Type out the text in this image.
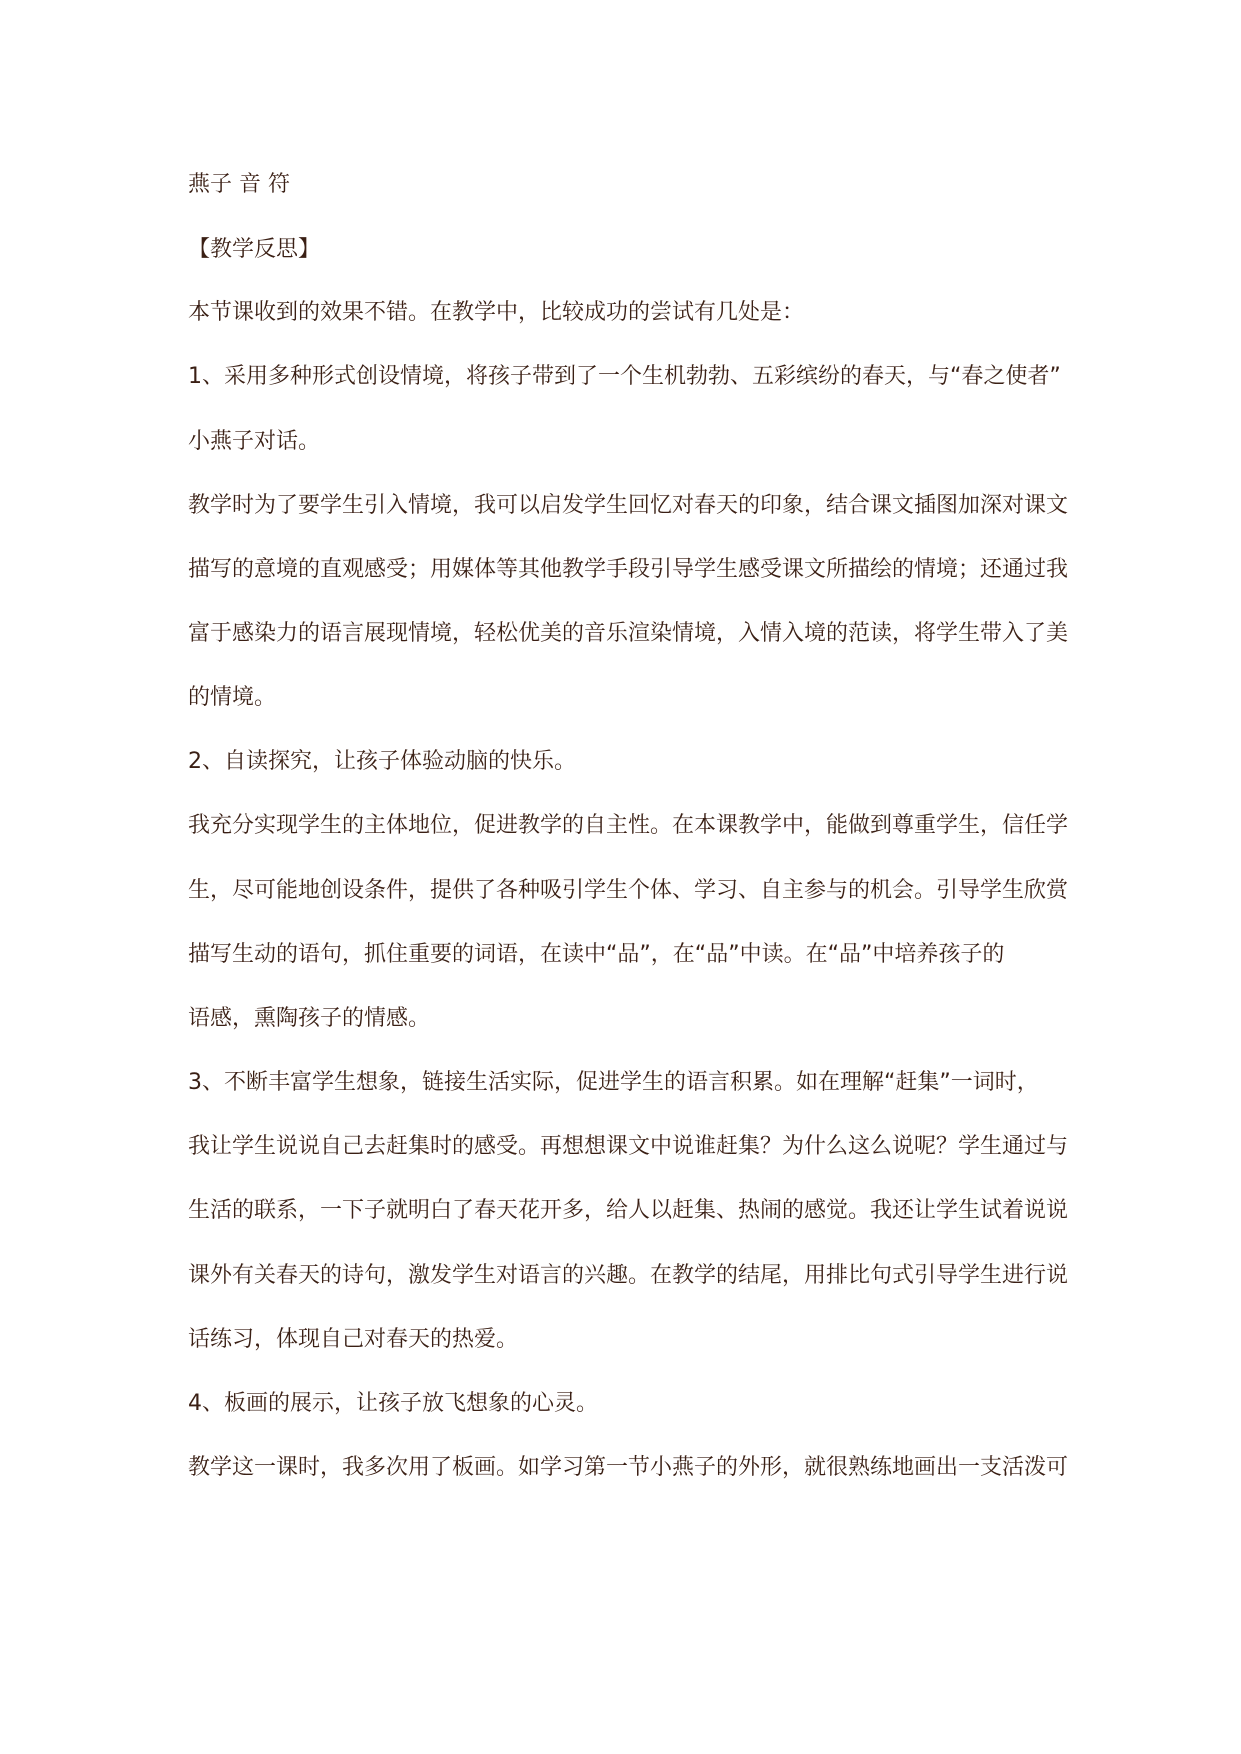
燕子 音 符
【教学反思】
本节课收到的效果不错。在教学中，比较成功的尝试有几处是：
1、采用多种形式创设情境，将孩子带到了一个生机勃勃、五彩缤纷的春天，与“春之使者”
小燕子对话。
教学时为了要学生引入情境，我可以启发学生回忆对春天的印象，结合课文插图加深对课文
描写的意境的直观感受；用媒体等其他教学手段引导学生感受课文所描绘的情境；还通过我
富于感染力的语言展现情境，轻松优美的音乐渲染情境，入情入境的范读，将学生带入了美
的情境。
2、自读探究，让孩子体验动脑的快乐。
我充分实现学生的主体地位，促进教学的自主性。在本课教学中，能做到尊重学生，信任学
生，尽可能地创设条件，提供了各种吸引学生个体、学习、自主参与的机会。引导学生欣赏
描写生动的语句，抓住重要的词语，在读中“品”，在“品”中读。在“品”中培养孩子的
语感，熏陶孩子的情感。
3、不断丰富学生想象，链接生活实际，促进学生的语言积累。如在理解“赶集”一词时，
我让学生说说自己去赶集时的感受。再想想课文中说谁赶集？为什么这么说呢？学生通过与
生活的联系，一下子就明白了春天花开多，给人以赶集、热闹的感觉。我还让学生试着说说
课外有关春天的诗句，激发学生对语言的兴趣。在教学的结尾，用排比句式引导学生进行说
话练习，体现自己对春天的热爱。
4、板画的展示，让孩子放飞想象的心灵。
教学这一课时，我多次用了板画。如学习第一节小燕子的外形，就很熟练地画出一支活泼可
